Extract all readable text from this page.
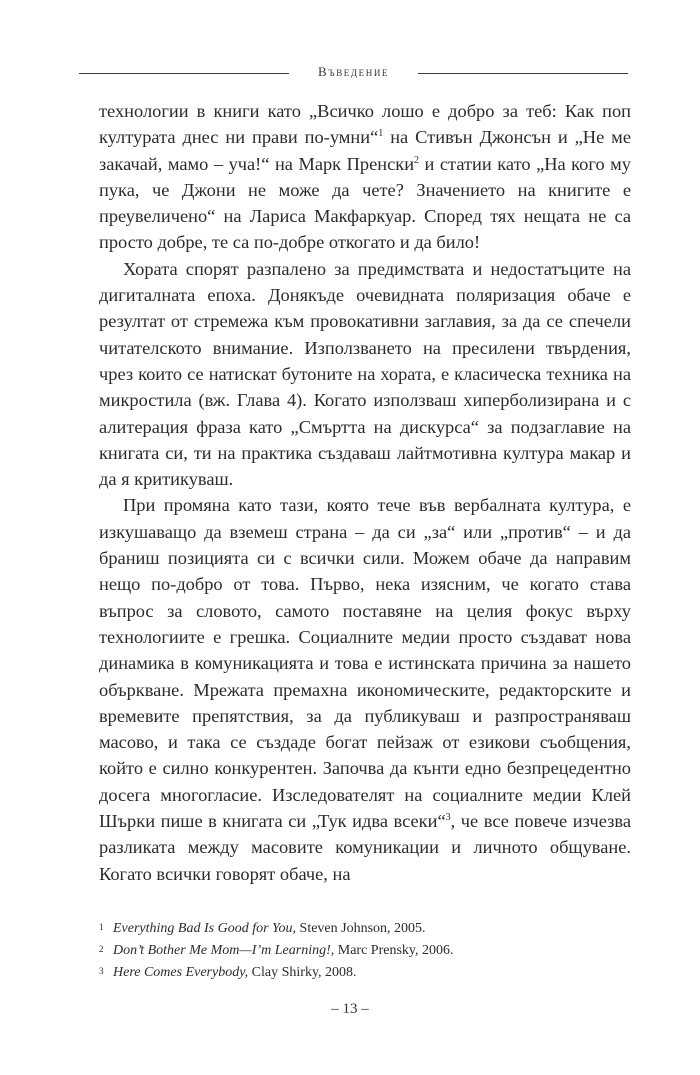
Въведение

технологии в книги като „Всичко лошо е добро за теб: Как поп културата днес ни прави по-умни“$^1$ на Стивън Джонсън и „Не ме закачай, мамо – уча!“ на Марк Пренски$^2$ и статии като „На кого му пука, че Джони не може да чете? Значението на книгите е преувеличено“ на Лариса Макфаркуар. Според тях нещата не са просто добре, те са по-добре откогато и да било!

Хората спорят разпалено за предимствата и недостатъците на дигиталната епоха. Донякъде очевидната поляризация обаче е резултат от стремежа към провокативни заглавия, за да се спечели читателското внимание. Използването на пресилени твърдения, чрез които се натискат бутоните на хората, е класическа техника на микростила (вж. Глава 4). Когато използваш хиперболизирана и с алитерация фраза като „Смъртта на дискурса“ за подзаглавие на книгата си, ти на практика създаваш лайтмотивна култура макар и да я критикуваш.

При промяна като тази, която тече във вербалната култура, е изкушаващо да вземеш страна – да си „за“ или „против“ – и да браниш позицията си с всички сили. Можем обаче да направим нещо по-добро от това. Първо, нека изясним, че когато става въпрос за словото, самото поставяне на целия фокус върху технологиите е грешка. Социалните медии просто създават нова динамика в комуникацията и това е истинската причина за нашето объркване. Мрежата премахна икономическите, редакторските и времевите препятствия, за да публикуваш и разпространяваш масово, и така се създаде богат пейзаж от езикови съобщения, който е силно конкурентен. Започва да кънти едно безпрецедентно досега многогласие. Изследователят на социалните медии Клей Шърки пише в книгата си „Тук идва всеки“$^3$, че все повече изчезва разликата между масовите комуникации и личното общуване. Когато всички говорят обаче, на

1 Everything Bad Is Good for You, Steven Johnson, 2005.
2 Don’t Bother Me Mom—I’m Learning!, Marc Prensky, 2006.
3 Here Comes Everybody, Clay Shirky, 2008.
– 13 –
